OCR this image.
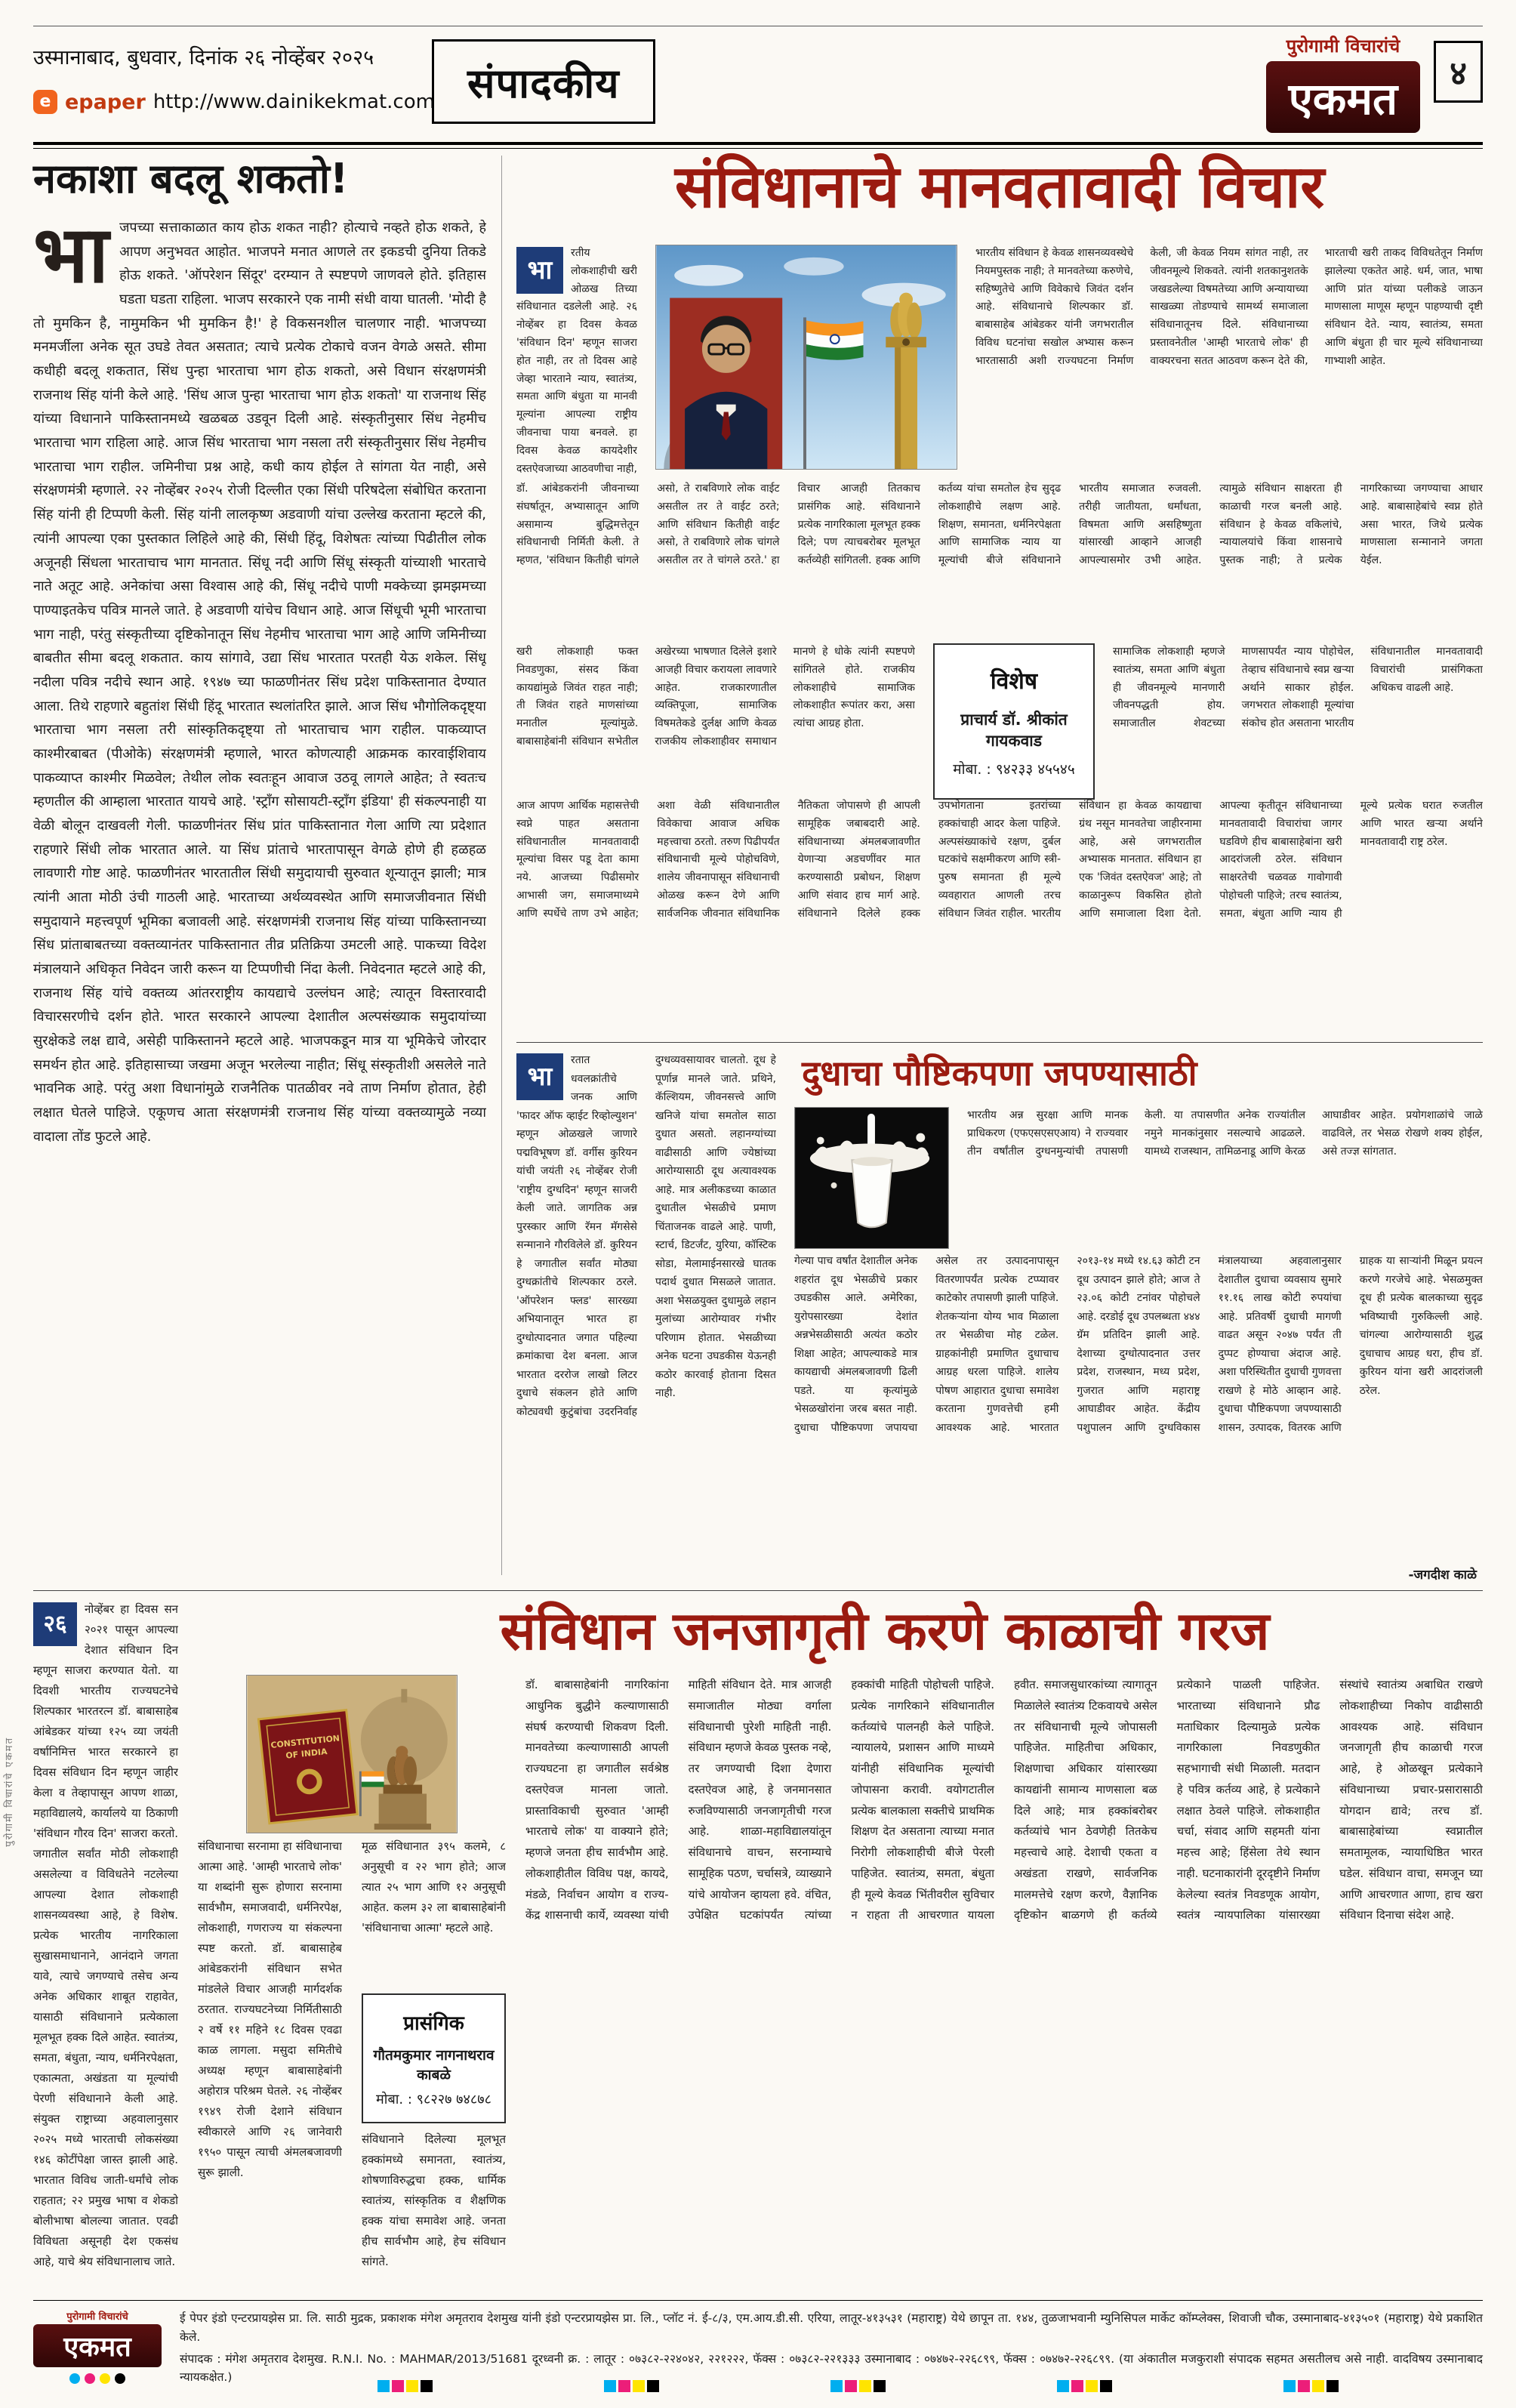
उस्मानाबाद, बुधवार, दिनांक २६ नोव्हेंबर २०२५
e epaper http://www.dainikekmat.com संपादकीय
पुरोगामी विचारांचे
एकमत	४
नकाशा बदलू शकतो!
भाजपच्या सत्ताकाळात काय होऊ शकत नाही? होत्याचे नव्हते होऊ शकते, हे आपण अनुभवत आहोत. भाजपने मनात आणले तर इकडची दुनिया तिकडे होऊ शकते. 'ऑपरेशन सिंदूर' दरम्यान ते स्पष्टपणे जाणवले होते. इतिहास घडता घडता राहिला. भाजप सरकारने एक नामी संधी वाया घातली. 'मोदी है तो मुमकिन है, नामुमकिन भी मुमकिन है!' हे विकसनशील चालणार नाही. भाजपच्या मनमर्जीला अनेक सूत उघडे तेवत असतात; त्याचे प्रत्येक टोकाचे वजन वेगळे असते. सीमा कधीही बदलू शकतात, सिंध पुन्हा भारताचा भाग होऊ शकतो, असे विधान संरक्षणमंत्री राजनाथ सिंह यांनी केले आहे. 'सिंध आज पुन्हा भारताचा भाग होऊ शकतो' या राजनाथ सिंह यांच्या विधानाने पाकिस्तानमध्ये खळबळ उडवून दिली आहे. संस्कृतीनुसार सिंध नेहमीच भारताचा भाग राहिला आहे. आज सिंध भारताचा भाग नसला तरी संस्कृतीनुसार सिंध नेहमीच भारताचा भाग राहील. जमिनीचा प्रश्न आहे, कधी काय होईल ते सांगता येत नाही, असे संरक्षणमंत्री म्हणाले. २२ नोव्हेंबर २०२५ रोजी दिल्लीत एका सिंधी परिषदेला संबोधित करताना सिंह यांनी ही टिप्पणी केली. सिंह यांनी लालकृष्ण अडवाणी यांचा उल्लेख करताना म्हटले की, त्यांनी आपल्या एका पुस्तकात लिहिले आहे की, सिंधी हिंदू, विशेषतः त्यांच्या पिढीतील लोक अजूनही सिंधला भारताचाच भाग मानतात. सिंधू नदी आणि सिंधू संस्कृती यांच्याशी भारताचे नाते अतूट आहे. अनेकांचा असा विश्वास आहे की, सिंधू नदीचे पाणी मक्केच्या झमझमच्या पाण्याइतकेच पवित्र मानले जाते. हे अडवाणी यांचेच विधान आहे. आज सिंधूची भूमी भारताचा भाग नाही, परंतु संस्कृतीच्या दृष्टिकोनातून सिंध नेहमीच भारताचा भाग आहे आणि जमिनीच्या बाबतीत सीमा बदलू शकतात. काय सांगावे, उद्या सिंध भारतात परतही येऊ शकेल. सिंधू नदीला पवित्र नदीचे स्थान आहे. १९४७ च्या फाळणीनंतर सिंध प्रदेश पाकिस्तानात देण्यात आला. तिथे राहणारे बहुतांश सिंधी हिंदू भारतात स्थलांतरित झाले. आज सिंध भौगोलिकदृष्ट्या भारताचा भाग नसला तरी सांस्कृतिकदृष्ट्या तो भारताचाच भाग राहील. पाकव्याप्त काश्मीरबाबत (पीओके) संरक्षणमंत्री म्हणाले, भारत कोणत्याही आक्रमक कारवाईशिवाय पाकव्याप्त काश्मीर मिळवेल; तेथील लोक स्वतःहून आवाज उठवू लागले आहेत; ते स्वतःच म्हणतील की आम्हाला भारतात यायचे आहे. 'स्ट्राँग सोसायटी-स्ट्राँग इंडिया' ही संकल्पनाही या वेळी बोलून दाखवली गेली. फाळणीनंतर सिंध प्रांत पाकिस्तानात गेला आणि त्या प्रदेशात राहणारे सिंधी लोक भारतात आले. या सिंध प्रांताचे भारतापासून वेगळे होणे ही हळहळ लावणारी गोष्ट आहे. फाळणीनंतर भारतातील सिंधी समुदायाची सुरुवात शून्यातून झाली; मात्र त्यांनी आता मोठी उंची गाठली आहे. भारताच्या अर्थव्यवस्थेत आणि समाजजीवनात सिंधी समुदायाने महत्त्वपूर्ण भूमिका बजावली आहे. संरक्षणमंत्री राजनाथ सिंह यांच्या पाकिस्तानच्या सिंध प्रांताबाबतच्या वक्तव्यानंतर पाकिस्तानात तीव्र प्रतिक्रिया उमटली आहे. पाकच्या विदेश मंत्रालयाने अधिकृत निवेदन जारी करून या टिप्पणीची निंदा केली. निवेदनात म्हटले आहे की, राजनाथ सिंह यांचे वक्तव्य आंतरराष्ट्रीय कायद्याचे उल्लंघन आहे; त्यातून विस्तारवादी विचारसरणीचे दर्शन होते. भारत सरकारने आपल्या देशातील अल्पसंख्याक समुदायांच्या सुरक्षेकडे लक्ष द्यावे, असेही पाकिस्तानने म्हटले आहे. भाजपकडून मात्र या भूमिकेचे जोरदार समर्थन होत आहे. इतिहासाच्या जखमा अजून भरलेल्या नाहीत; सिंधू संस्कृतीशी असलेले नाते भावनिक आहे. परंतु अशा विधानांमुळे राजनैतिक पातळीवर नवे ताण निर्माण होतात, हेही लक्षात घेतले पाहिजे. एकूणच आता संरक्षणमंत्री राजनाथ सिंह यांच्या वक्तव्यामुळे नव्या वादाला तोंड फुटले आहे.
संविधानाचे मानवतावादी विचार
भा
रतीय लोकशाहीची खरी ओळख तिच्या संविधानात दडलेली आहे. २६ नोव्हेंबर हा दिवस केवळ 'संविधान दिन' म्हणून साजरा होत नाही, तर तो दिवस आहे जेव्हा भारताने न्याय, स्वातंत्र्य, समता आणि बंधुता या मानवी मूल्यांना आपल्या राष्ट्रीय जीवनाचा पाया बनवले. हा दिवस केवळ कायदेशीर दस्तऐवजाच्या आठवणीचा नाही,
भारतीय संविधान हे केवळ शासनव्यवस्थेचे नियमपुस्तक नाही; ते मानवतेच्या करुणेचे, सहिष्णुतेचे आणि विवेकाचे जिवंत दर्शन आहे. संविधानाचे शिल्पकार डॉ. बाबासाहेब आंबेडकर यांनी जगभरातील विविध घटनांचा सखोल अभ्यास करून भारतासाठी अशी राज्यघटना निर्माण केली, जी केवळ नियम सांगत नाही, तर जीवनमूल्ये शिकवते. त्यांनी शतकानुशतके जखडलेल्या विषमतेच्या आणि अन्यायाच्या साखळ्या तोडण्याचे सामर्थ्य समाजाला संविधानातूनच दिले. संविधानाच्या प्रस्तावनेतील 'आम्ही भारताचे लोक' ही वाक्यरचना सतत आठवण करून देते की, भारताची खरी ताकद विविधतेतून निर्माण झालेल्या एकतेत आहे. धर्म, जात, भाषा आणि प्रांत यांच्या पलीकडे जाऊन माणसाला माणूस म्हणून पाहण्याची दृष्टी संविधान देते. न्याय, स्वातंत्र्य, समता आणि बंधुता ही चार मूल्ये संविधानाच्या गाभ्याशी आहेत.
डॉ. आंबेडकरांनी जीवनाच्या संघर्षातून, अभ्यासातून आणि असामान्य बुद्धिमत्तेतून संविधानाची निर्मिती केली. ते म्हणत, 'संविधान कितीही चांगले असो, ते राबविणारे लोक वाईट असतील तर ते वाईट ठरते; आणि संविधान कितीही वाईट असो, ते राबविणारे लोक चांगले असतील तर ते चांगले ठरते.' हा विचार आजही तितकाच प्रासंगिक आहे. संविधानाने प्रत्येक नागरिकाला मूलभूत हक्क दिले; पण त्याचबरोबर मूलभूत कर्तव्येही सांगितली. हक्क आणि कर्तव्य यांचा समतोल हेच सुदृढ लोकशाहीचे लक्षण आहे. शिक्षण, समानता, धर्मनिरपेक्षता आणि सामाजिक न्याय या मूल्यांची बीजे संविधानाने भारतीय समाजात रुजवली. तरीही जातीयता, धर्मांधता, विषमता आणि असहिष्णुता यांसारखी आव्हाने आजही आपल्यासमोर उभी आहेत. त्यामुळे संविधान साक्षरता ही काळाची गरज बनली आहे. संविधान हे केवळ वकिलांचे, न्यायालयांचे किंवा शासनाचे पुस्तक नाही; ते प्रत्येक नागरिकाच्या जगण्याचा आधार आहे. बाबासाहेबांचे स्वप्न होते असा भारत, जिथे प्रत्येक माणसाला सन्मानाने जगता येईल.
खरी लोकशाही फक्त निवडणुका, संसद किंवा कायद्यांमुळे जिवंत राहत नाही; ती जिवंत राहते माणसांच्या मनातील मूल्यांमुळे. बाबासाहेबांनी संविधान सभेतील अखेरच्या भाषणात दिलेले इशारे आजही विचार करायला लावणारे आहेत. राजकारणातील व्यक्तिपूजा, सामाजिक विषमतेकडे दुर्लक्ष आणि केवळ राजकीय लोकशाहीवर समाधान मानणे हे धोके त्यांनी स्पष्टपणे सांगितले होते. राजकीय लोकशाहीचे सामाजिक लोकशाहीत रूपांतर करा, असा त्यांचा आग्रह होता.
विशेष
प्राचार्य डॉ. श्रीकांत गायकवाड
मोबा. : ९४२३३ ४५५४५
सामाजिक लोकशाही म्हणजे स्वातंत्र्य, समता आणि बंधुता ही जीवनमूल्ये मानणारी जीवनपद्धती होय. समाजातील शेवटच्या माणसापर्यंत न्याय पोहोचेल, तेव्हाच संविधानाचे स्वप्न खऱ्या अर्थाने साकार होईल. जगभरात लोकशाही मूल्यांचा संकोच होत असताना भारतीय संविधानातील मानवतावादी विचारांची प्रासंगिकता अधिकच वाढली आहे.
आज आपण आर्थिक महासत्तेची स्वप्ने पाहत असताना संविधानातील मानवतावादी मूल्यांचा विसर पडू देता कामा नये. आजच्या पिढीसमोर आभासी जग, समाजमाध्यमे आणि स्पर्धेचे ताण उभे आहेत; अशा वेळी संविधानातील विवेकाचा आवाज अधिक महत्त्वाचा ठरतो. तरुण पिढीपर्यंत संविधानाची मूल्ये पोहोचविणे, शालेय जीवनापासून संविधानाची ओळख करून देणे आणि सार्वजनिक जीवनात संविधानिक नैतिकता जोपासणे ही आपली सामूहिक जबाबदारी आहे. संविधानाच्या अंमलबजावणीत येणाऱ्या अडचणींवर मात करण्यासाठी प्रबोधन, शिक्षण आणि संवाद हाच मार्ग आहे. संविधानाने दिलेले हक्क उपभोगताना इतरांच्या हक्कांचाही आदर केला पाहिजे. अल्पसंख्याकांचे रक्षण, दुर्बल घटकांचे सक्षमीकरण आणि स्त्री-पुरुष समानता ही मूल्ये व्यवहारात आणली तरच संविधान जिवंत राहील. भारतीय संविधान हा केवळ कायद्याचा ग्रंथ नसून मानवतेचा जाहीरनामा आहे, असे जगभरातील अभ्यासक मानतात. संविधान हा एक 'जिवंत दस्तऐवज' आहे; तो काळानुरूप विकसित होतो आणि समाजाला दिशा देतो. आपल्या कृतीतून संविधानाच्या मानवतावादी विचारांचा जागर घडविणे हीच बाबासाहेबांना खरी आदरांजली ठरेल. संविधान साक्षरतेची चळवळ गावोगावी पोहोचली पाहिजे; तरच स्वातंत्र्य, समता, बंधुता आणि न्याय ही मूल्ये प्रत्येक घरात रुजतील आणि भारत खऱ्या अर्थाने मानवतावादी राष्ट्र ठरेल.
भा
रतात धवलक्रांतीचे जनक आणि 'फादर ऑफ व्हाईट रिव्होल्युशन' म्हणून ओळखले जाणारे पद्मविभूषण डॉ. वर्गीस कुरियन यांची जयंती २६ नोव्हेंबर रोजी 'राष्ट्रीय दुग्धदिन' म्हणून साजरी केली जाते. जागतिक अन्न पुरस्कार आणि रॅमन मॅगसेसे सन्मानाने गौरविलेले डॉ. कुरियन हे जगातील सर्वांत मोठ्या दुग्धक्रांतीचे शिल्पकार ठरले. 'ऑपरेशन फ्लड' सारख्या अभियानातून भारत हा दुग्धोत्पादनात जगात पहिल्या क्रमांकाचा देश बनला. आज भारतात दररोज लाखो लिटर दुधाचे संकलन होते आणि कोट्यवधी कुटुंबांचा उदरनिर्वाह दुग्धव्यवसायावर चालतो. दूध हे पूर्णान्न मानले जाते. प्रथिने, कॅल्शियम, जीवनसत्त्वे आणि खनिजे यांचा समतोल साठा दुधात असतो. लहानग्यांच्या वाढीसाठी आणि ज्येष्ठांच्या आरोग्यासाठी दूध अत्यावश्यक आहे. मात्र अलीकडच्या काळात दुधातील भेसळीचे प्रमाण चिंताजनक वाढले आहे. पाणी, स्टार्च, डिटर्जंट, युरिया, कॉस्टिक सोडा, मेलामाईनसारखे घातक पदार्थ दुधात मिसळले जातात. अशा भेसळयुक्त दुधामुळे लहान मुलांच्या आरोग्यावर गंभीर परिणाम होतात. भेसळीच्या अनेक घटना उघडकीस येऊनही कठोर कारवाई होताना दिसत नाही.
दुधाचा पौष्टिकपणा जपण्यासाठी
भारतीय अन्न सुरक्षा आणि मानक प्राधिकरण (एफएसएसएआय) ने राज्यवार तीन वर्षांतील दुग्धनमुन्यांची तपासणी केली. या तपासणीत अनेक राज्यांतील नमुने मानकांनुसार नसल्याचे आढळले. यामध्ये राजस्थान, तामिळनाडू आणि केरळ आघाडीवर आहेत. प्रयोगशाळांचे जाळे वाढविले, तर भेसळ रोखणे शक्य होईल, असे तज्ज्ञ सांगतात.
गेल्या पाच वर्षांत देशातील अनेक शहरांत दूध भेसळीचे प्रकार उघडकीस आले. अमेरिका, युरोपसारख्या देशांत अन्नभेसळीसाठी अत्यंत कठोर शिक्षा आहेत; आपल्याकडे मात्र कायद्याची अंमलबजावणी ढिली पडते. या कृत्यांमुळे भेसळखोरांना जरब बसत नाही. दुधाचा पौष्टिकपणा जपायचा असेल तर उत्पादनापासून वितरणापर्यंत प्रत्येक टप्प्यावर काटेकोर तपासणी झाली पाहिजे. शेतकऱ्यांना योग्य भाव मिळाला तर भेसळीचा मोह टळेल. ग्राहकांनीही प्रमाणित दुधाचाच आग्रह धरला पाहिजे. शालेय पोषण आहारात दुधाचा समावेश करताना गुणवत्तेची हमी आवश्यक आहे. भारतात २०१३-१४ मध्ये १४.६३ कोटी टन दूध उत्पादन झाले होते; आज ते २३.०६ कोटी टनांवर पोहोचले आहे. दरडोई दूध उपलब्धता ४४४ ग्रॅम प्रतिदिन झाली आहे. देशाच्या दुग्धोत्पादनात उत्तर प्रदेश, राजस्थान, मध्य प्रदेश, गुजरात आणि महाराष्ट्र आघाडीवर आहेत. केंद्रीय पशुपालन आणि दुग्धविकास मंत्रालयाच्या अहवालानुसार देशातील दुधाचा व्यवसाय सुमारे ११.१६ लाख कोटी रुपयांचा आहे. प्रतिवर्षी दुधाची मागणी वाढत असून २०४७ पर्यंत ती दुप्पट होण्याचा अंदाज आहे. अशा परिस्थितीत दुधाची गुणवत्ता राखणे हे मोठे आव्हान आहे. दुधाचा पौष्टिकपणा जपण्यासाठी शासन, उत्पादक, वितरक आणि ग्राहक या साऱ्यांनी मिळून प्रयत्न करणे गरजेचे आहे. भेसळमुक्त दूध ही प्रत्येक बालकाच्या सुदृढ भविष्याची गुरुकिल्ली आहे. चांगल्या आरोग्यासाठी शुद्ध दुधाचाच आग्रह धरा, हीच डॉ. कुरियन यांना खरी आदरांजली ठरेल.
-जगदीश काळे
२६
नोव्हेंबर हा दिवस सन २०२१ पासून आपल्या देशात संविधान दिन म्हणून साजरा करण्यात येतो. या दिवशी भारतीय राज्यघटनेचे शिल्पकार भारतरत्न डॉ. बाबासाहेब आंबेडकर यांच्या १२५ व्या जयंती वर्षानिमित्त भारत सरकारने हा दिवस संविधान दिन म्हणून जाहीर केला व तेव्हापासून आपण शाळा, महाविद्यालये, कार्यालये या ठिकाणी 'संविधान गौरव दिन' साजरा करतो. जगातील सर्वांत मोठी लोकशाही असलेल्या व विविधतेने नटलेल्या आपल्या देशात लोकशाही शासनव्यवस्था आहे, हे विशेष. प्रत्येक भारतीय नागरिकाला सुखासमाधानाने, आनंदाने जगता यावे, त्याचे जगण्याचे तसेच अन्य अनेक अधिकार शाबूत राहावेत, यासाठी संविधानाने प्रत्येकाला मूलभूत हक्क दिले आहेत. स्वातंत्र्य, समता, बंधुता, न्याय, धर्मनिरपेक्षता, एकात्मता, अखंडता या मूल्यांची पेरणी संविधानाने केली आहे. संयुक्त राष्ट्राच्या अहवालानुसार २०२५ मध्ये भारताची लोकसंख्या १४६ कोटींपेक्षा जास्त झाली आहे. भारतात विविध जाती-धर्मांचे लोक राहतात; २२ प्रमुख भाषा व शेकडो बोलीभाषा बोलल्या जातात. एवढी विविधता असूनही देश एकसंध आहे, याचे श्रेय संविधानालाच जाते.
संविधान जनजागृती करणे काळाची गरज
CONSTITUTION
OF INDIA
संविधानाचा सरनामा हा संविधानाचा आत्मा आहे. 'आम्ही भारताचे लोक' या शब्दांनी सुरू होणारा सरनामा सार्वभौम, समाजवादी, धर्मनिरपेक्ष, लोकशाही, गणराज्य या संकल्पना स्पष्ट करतो. डॉ. बाबासाहेब आंबेडकरांनी संविधान सभेत मांडलेले विचार आजही मार्गदर्शक ठरतात. राज्यघटनेच्या निर्मितीसाठी २ वर्षे ११ महिने १८ दिवस एवढा काळ लागला. मसुदा समितीचे अध्यक्ष म्हणून बाबासाहेबांनी अहोरात्र परिश्रम घेतले. २६ नोव्हेंबर १९४९ रोजी देशाने संविधान स्वीकारले आणि २६ जानेवारी १९५० पासून त्याची अंमलबजावणी सुरू झाली.
मूळ संविधानात ३९५ कलमे, ८ अनुसूची व २२ भाग होते; आज त्यात २५ भाग आणि १२ अनुसूची आहेत. कलम ३२ ला बाबासाहेबांनी 'संविधानाचा आत्मा' म्हटले आहे.
प्रासंगिक
गौतमकुमार नागनाथराव काबळे
मोबा. : ९८२२७ ७४८७८
संविधानाने दिलेल्या मूलभूत हक्कांमध्ये समानता, स्वातंत्र्य, शोषणाविरुद्धचा हक्क, धार्मिक स्वातंत्र्य, सांस्कृतिक व शैक्षणिक हक्क यांचा समावेश आहे. जनता हीच सार्वभौम आहे, हेच संविधान सांगते.
डॉ. बाबासाहेबांनी नागरिकांना आधुनिक बुद्धीने कल्याणासाठी संघर्ष करण्याची शिकवण दिली. मानवतेच्या कल्याणासाठी आपली राज्यघटना हा जगातील सर्वश्रेष्ठ दस्तऐवज मानला जातो. प्रास्ताविकाची सुरुवात 'आम्ही भारताचे लोक' या वाक्याने होते; म्हणजे जनता हीच सार्वभौम आहे. लोकशाहीतील विविध पक्ष, कायदे, मंडळे, निर्वाचन आयोग व राज्य-केंद्र शासनाची कार्ये, व्यवस्था यांची माहिती संविधान देते. मात्र आजही समाजातील मोठ्या वर्गाला संविधानाची पुरेशी माहिती नाही. संविधान म्हणजे केवळ पुस्तक नव्हे, तर जगण्याची दिशा देणारा दस्तऐवज आहे, हे जनमानसात रुजविण्यासाठी जनजागृतीची गरज आहे. शाळा-महाविद्यालयांतून संविधानाचे वाचन, सरनाम्याचे सामूहिक पठण, चर्चासत्रे, व्याख्याने यांचे आयोजन व्हायला हवे. वंचित, उपेक्षित घटकांपर्यंत त्यांच्या हक्कांची माहिती पोहोचली पाहिजे. प्रत्येक नागरिकाने संविधानातील कर्तव्यांचे पालनही केले पाहिजे. न्यायालये, प्रशासन आणि माध्यमे यांनीही संविधानिक मूल्यांची जोपासना करावी. वयोगटातील प्रत्येक बालकाला सक्तीचे प्राथमिक शिक्षण देत असताना त्याच्या मनात निरोगी लोकशाहीची बीजे पेरली पाहिजेत. स्वातंत्र्य, समता, बंधुता ही मूल्ये केवळ भिंतीवरील सुविचार न राहता ती आचरणात यायला हवीत. समाजसुधारकांच्या त्यागातून मिळालेले स्वातंत्र्य टिकवायचे असेल तर संविधानाची मूल्ये जोपासली पाहिजेत. माहितीचा अधिकार, शिक्षणाचा अधिकार यांसारख्या कायद्यांनी सामान्य माणसाला बळ दिले आहे; मात्र हक्कांबरोबर कर्तव्यांचे भान ठेवणेही तितकेच महत्त्वाचे आहे. देशाची एकता व अखंडता राखणे, सार्वजनिक मालमत्तेचे रक्षण करणे, वैज्ञानिक दृष्टिकोन बाळगणे ही कर्तव्ये प्रत्येकाने पाळली पाहिजेत. भारताच्या संविधानाने प्रौढ मताधिकार दिल्यामुळे प्रत्येक नागरिकाला निवडणुकीत सहभागाची संधी मिळाली. मतदान हे पवित्र कर्तव्य आहे, हे प्रत्येकाने लक्षात ठेवले पाहिजे. लोकशाहीत चर्चा, संवाद आणि सहमती यांना महत्त्व आहे; हिंसेला तेथे स्थान नाही. घटनाकारांनी दूरदृष्टीने निर्माण केलेल्या स्वतंत्र निवडणूक आयोग, स्वतंत्र न्यायपालिका यांसारख्या संस्थांचे स्वातंत्र्य अबाधित राखणे लोकशाहीच्या निकोप वाढीसाठी आवश्यक आहे. संविधान जनजागृती हीच काळाची गरज आहे, हे ओळखून प्रत्येकाने संविधानाच्या प्रचार-प्रसारासाठी योगदान द्यावे; तरच डॉ. बाबासाहेबांच्या स्वप्नातील समतामूलक, न्यायाधिष्ठित भारत घडेल. संविधान वाचा, समजून घ्या आणि आचरणात आणा, हाच खरा संविधान दिनाचा संदेश आहे.
पुरोगामी विचारांचे
एकमत
ई पेपर इंडो एन्टरप्रायझेस प्रा. लि. साठी मुद्रक, प्रकाशक मंगेश अमृतराव देशमुख यांनी इंडो एन्टरप्रायझेस प्रा. लि., प्लॉट नं. ई-८/३, एम.आय.डी.सी. एरिया, लातूर-४१३५३१ (महाराष्ट्र) येथे छापून ता. १४४, तुळजाभवानी म्युनिसिपल मार्केट कॉम्प्लेक्स, शिवाजी चौक, उस्मानाबाद-४१३५०१ (महाराष्ट्र) येथे प्रकाशित केले.
संपादक : मंगेश अमृतराव देशमुख. R.N.I. No. : MAHMAR/2013/51681 दूरध्वनी क्र. : लातूर : ०७३८२-२२४०४२, २२१२२२, फॅक्स : ०७३८२-२२१३३३ उस्मानाबाद : ०७४७२-२२६८९९, फॅक्स : ०७४७२-२२६८९९. (या अंकातील मजकुराशी संपादक सहमत असतीलच असे नाही. वादविषय उस्मानाबाद न्यायकक्षेत.)
पुरोगामी विचारांचे एकमत
